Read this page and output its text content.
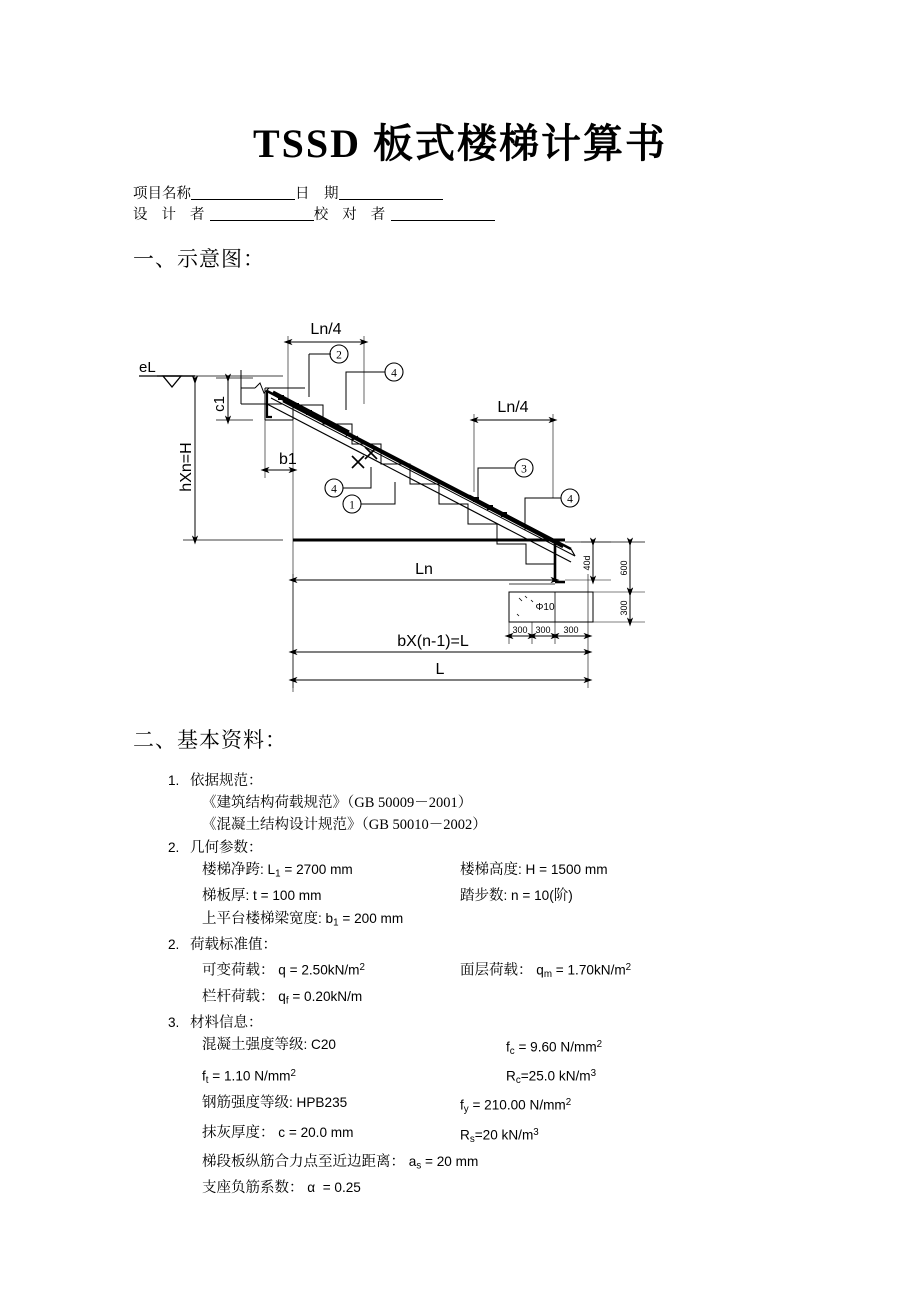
TSSD 板式楼梯计算书
项目名称	日　期
设 计 者	校 对 者
一、示意图：
2
4
4
1
3
4
eL
Ln/4
Ln/4
Ln
bX(n-1)=L
L
hXn=H
c1
b1
40d	600
300
300 300 300
Φ10
二、基本资料：
1. 依据规范：
《建筑结构荷载规范》（GB 50009－2001）
《混凝土结构设计规范》（GB 50010－2002）
2. 几何参数：
楼梯净跨: $L_1 = 2700$ mm	楼梯高度: H = 1500 mm
梯板厚: t = 100 mm	踏步数: n = 10(阶)
上平台楼梯梁宽度: $b_1 = 200$ mm
2. 荷载标准值：
可变荷载： $q = 2.50kN/m^2$	面层荷载： $q_m = 1.70kN/m^2$
栏杆荷载： $q_f = 0.20kN/m$
3. 材料信息：
混凝土强度等级: C20	$f_c = 9.60$ $N/mm^2$
$f_t = 1.10$ $N/mm^2$	$R_c=25.0$ $kN/m^3$
钢筋强度等级: HPB235	$f_y = 210.00$ $N/mm^2$
抹灰厚度： c = 20.0 mm	$R_s=20$ $kN/m^3$
梯段板纵筋合力点至近边距离： $a_s = 20$ mm
支座负筋系数： α  = 0.25
